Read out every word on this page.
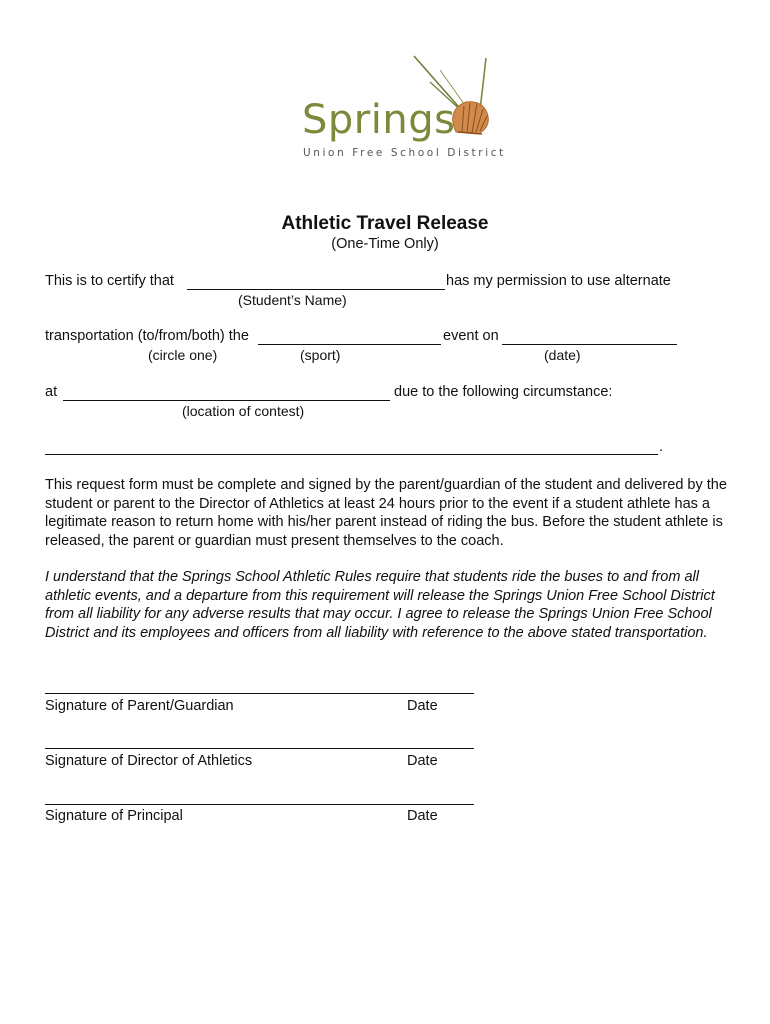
Springs
Union Free School District
Athletic Travel Release
(One-Time Only)
This is to certify that	has my permission to use alternate
(Student’s Name)
transportation (to/from/both) the	event on
(circle one)	(sport)	(date)
at	due to the following circumstance:
(location of contest)
.
This request form must be complete and signed by the parent/guardian of the student and delivered by the student or parent to the Director of Athletics at least 24 hours prior to the event if a student athlete has a legitimate reason to return home with his/her parent instead of riding the bus. Before the student athlete is released, the parent or guardian must present themselves to the coach.
I understand that the Springs School Athletic Rules require that students ride the buses to and from all athletic events, and a departure from this requirement will release the Springs Union Free School District from all liability for any adverse results that may occur. I agree to release the Springs Union Free School District and its employees and officers from all liability with reference to the above stated transportation.
Signature of Parent/Guardian	Date
Signature of Director of Athletics	Date
Signature of Principal	Date
